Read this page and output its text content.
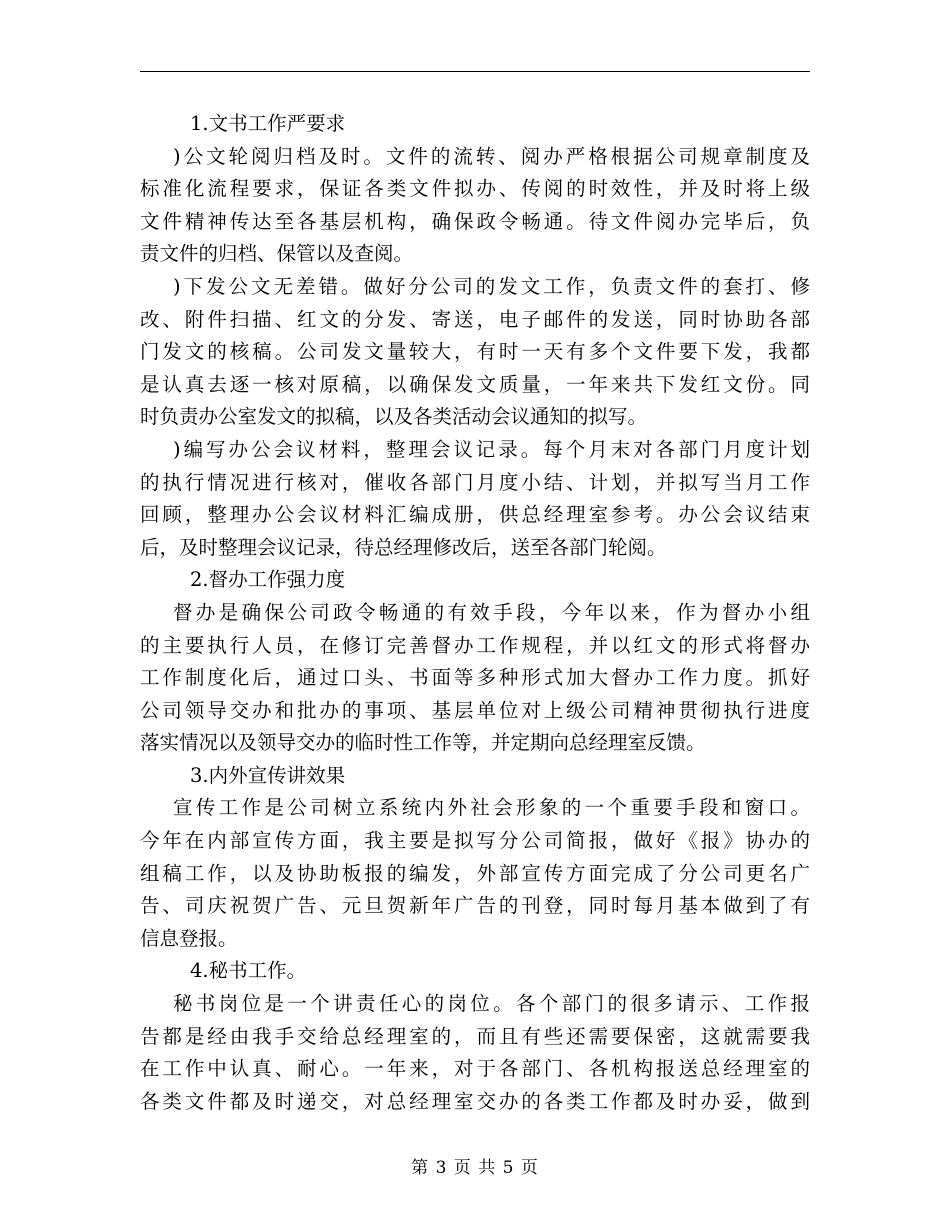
1.文书工作严要求
)公文轮阅归档及时。文件的流转、阅办严格根据公司规章制度及
标准化流程要求，保证各类文件拟办、传阅的时效性，并及时将上级
文件精神传达至各基层机构，确保政令畅通。待文件阅办完毕后，负
责文件的归档、保管以及查阅。
)下发公文无差错。做好分公司的发文工作，负责文件的套打、修
改、附件扫描、红文的分发、寄送，电子邮件的发送，同时协助各部
门发文的核稿。公司发文量较大，有时一天有多个文件要下发，我都
是认真去逐一核对原稿，以确保发文质量，一年来共下发红文份。同
时负责办公室发文的拟稿，以及各类活动会议通知的拟写。
)编写办公会议材料，整理会议记录。每个月末对各部门月度计划
的执行情况进行核对，催收各部门月度小结、计划，并拟写当月工作
回顾，整理办公会议材料汇编成册，供总经理室参考。办公会议结束
后，及时整理会议记录，待总经理修改后，送至各部门轮阅。
2.督办工作强力度
督办是确保公司政令畅通的有效手段，今年以来，作为督办小组
的主要执行人员，在修订完善督办工作规程，并以红文的形式将督办
工作制度化后，通过口头、书面等多种形式加大督办工作力度。抓好
公司领导交办和批办的事项、基层单位对上级公司精神贯彻执行进度
落实情况以及领导交办的临时性工作等，并定期向总经理室反馈。
3.内外宣传讲效果
宣传工作是公司树立系统内外社会形象的一个重要手段和窗口。
今年在内部宣传方面，我主要是拟写分公司简报，做好《报》协办的
组稿工作，以及协助板报的编发，外部宣传方面完成了分公司更名广
告、司庆祝贺广告、元旦贺新年广告的刊登，同时每月基本做到了有
信息登报。
4.秘书工作。
秘书岗位是一个讲责任心的岗位。各个部门的很多请示、工作报
告都是经由我手交给总经理室的，而且有些还需要保密，这就需要我
在工作中认真、耐心。一年来，对于各部门、各机构报送总经理室的
各类文件都及时递交，对总经理室交办的各类工作都及时办妥，做到
第 3 页 共 5 页
